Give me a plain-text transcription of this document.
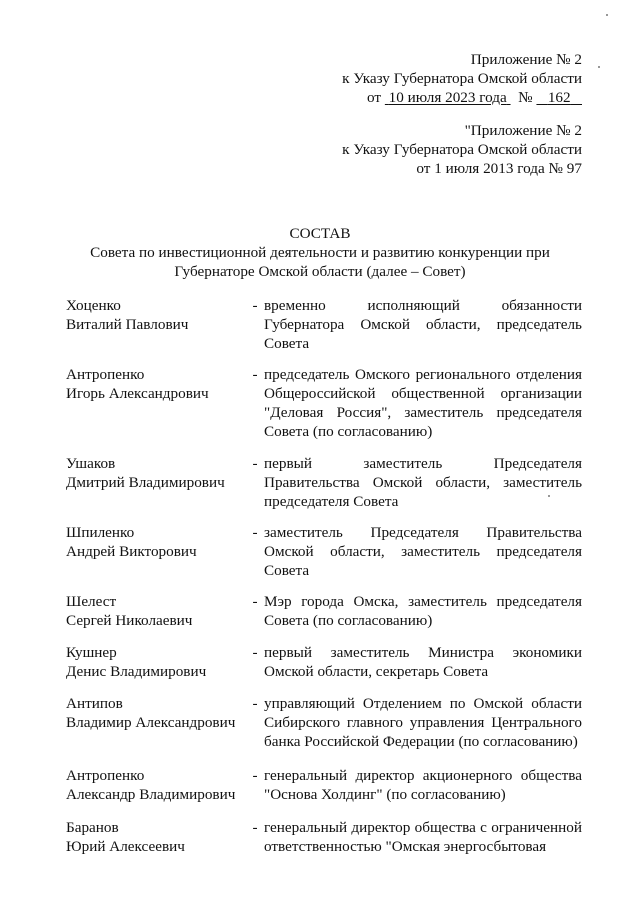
Приложение № 2
к Указу Губернатора Омской области
от 10 июля 2023 года № 162
"Приложение № 2
к Указу Губернатора Омской области
от 1 июля 2013 года № 97
СОСТАВ
Совета по инвестиционной деятельности и развитию конкуренции при
Губернаторе Омской области (далее – Совет)
Хоценко
Виталий Павлович
- временно исполняющий обязанности Губернатора Омской области, председатель Совета
Антропенко
Игорь Александрович
- председатель Омского регионального отделения Общероссийской общественной организации "Деловая Россия", заместитель председателя Совета (по согласованию)
Ушаков
Дмитрий Владимирович
- первый заместитель Председателя Правительства Омской области, заместитель председателя Совета
Шпиленко
Андрей Викторович
- заместитель Председателя Правительства Омской области, заместитель председателя Совета
Шелест
Сергей Николаевич
- Мэр города Омска, заместитель председателя Совета (по согласованию)
Кушнер
Денис Владимирович
- первый заместитель Министра экономики Омской области, секретарь Совета
Антипов
Владимир Александрович
- управляющий Отделением по Омской области Сибирского главного управления Центрального банка Российской Федерации (по согласованию)
Антропенко
Александр Владимирович
- генеральный директор акционерного общества "Основа Холдинг" (по согласованию)
Баранов
Юрий Алексеевич
- генеральный директор общества с ограниченной ответственностью "Омская энергосбытовая
